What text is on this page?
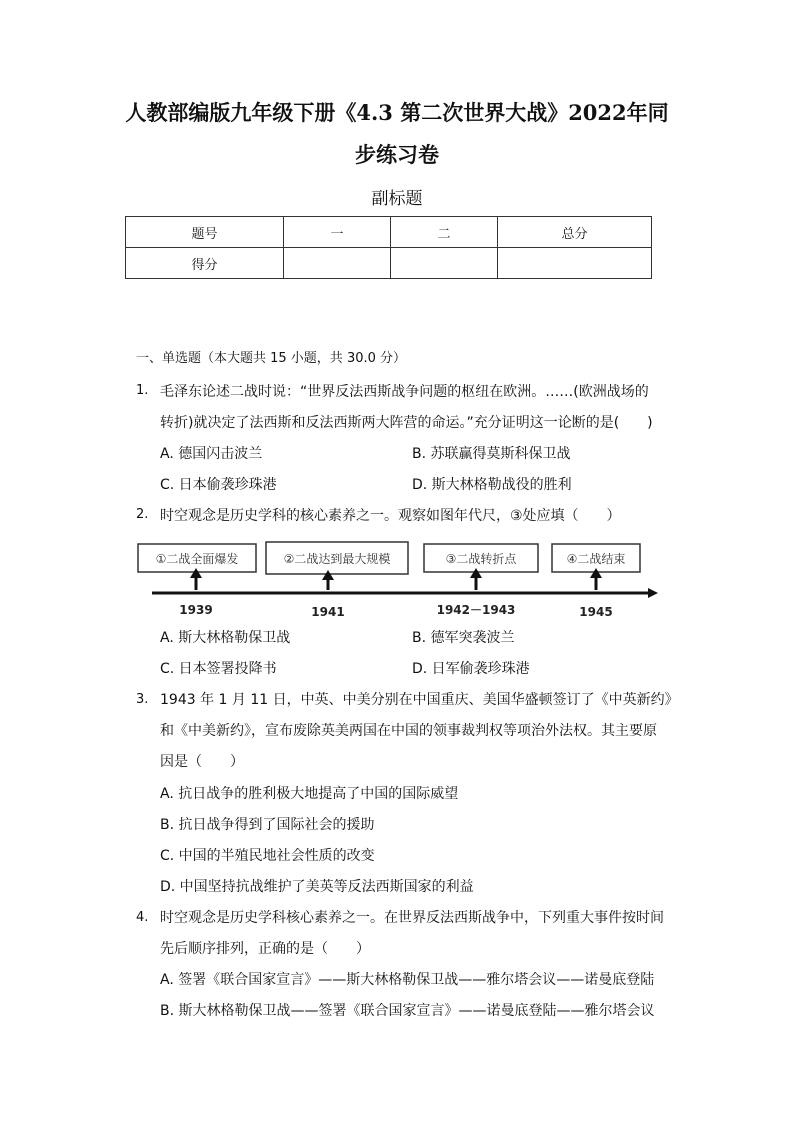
人教部编版九年级下册《4.3 第二次世界大战》2022年同
步练习卷
副标题
题号	一	二	总分
得分			
一、单选题（本大题共 15 小题，共 30.0 分）
1. 毛泽东论述二战时说：“世界反法西斯战争问题的枢纽在欧洲。……(欧洲战场的
转折)就决定了法西斯和反法西斯两大阵营的命运。”充分证明这一论断的是(　　)
A. 德国闪击波兰	B. 苏联赢得莫斯科保卫战
C. 日本偷袭珍珠港	D. 斯大林格勒战役的胜利
2. 时空观念是历史学科的核心素养之一。观察如图年代尺，③处应填（　　）
①二战全面爆发
1939
②二战达到最大规模
1941
③二战转折点
1942－1943
④二战结束
1945
A. 斯大林格勒保卫战	B. 德军突袭波兰
C. 日本签署投降书	D. 日军偷袭珍珠港
3. 1943 年 1 月 11 日，中英、中美分别在中国重庆、美国华盛顿签订了《中英新约》
和《中美新约》，宣布废除英美两国在中国的领事裁判权等项治外法权。其主要原
因是（　　）
A. 抗日战争的胜利极大地提高了中国的国际威望
B. 抗日战争得到了国际社会的援助
C. 中国的半殖民地社会性质的改变
D. 中国坚持抗战维护了美英等反法西斯国家的利益
4. 时空观念是历史学科核心素养之一。在世界反法西斯战争中，下列重大事件按时间
先后顺序排列，正确的是（　　）
A. 签署《联合国家宣言》——斯大林格勒保卫战——雅尔塔会议——诺曼底登陆
B. 斯大林格勒保卫战——签署《联合国家宣言》——诺曼底登陆——雅尔塔会议
